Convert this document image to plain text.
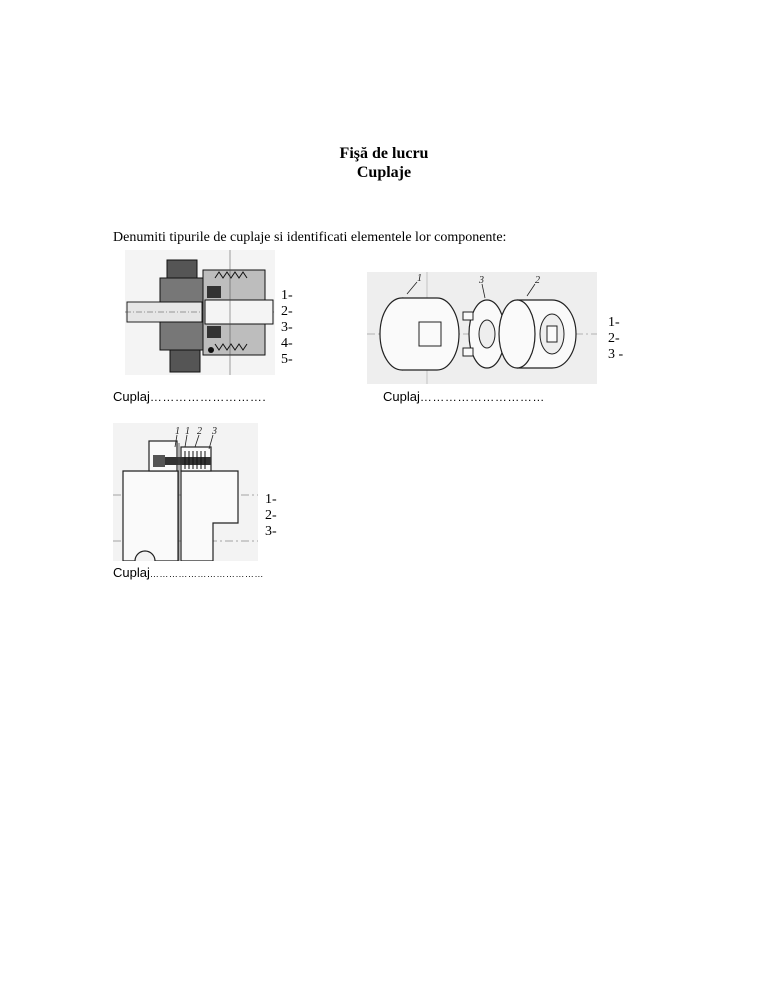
Fişă de lucru
Cuplaje
Denumiti tipurile de cuplaje si identificati elementele lor componente:
1-
2-
3-
4-
5-
Cuplaj……………………….
1	3	2
1-
2-
3 -
Cuplaj…………………………
1 1 2 3
1-
2-
3-
Cuplaj………………………………
